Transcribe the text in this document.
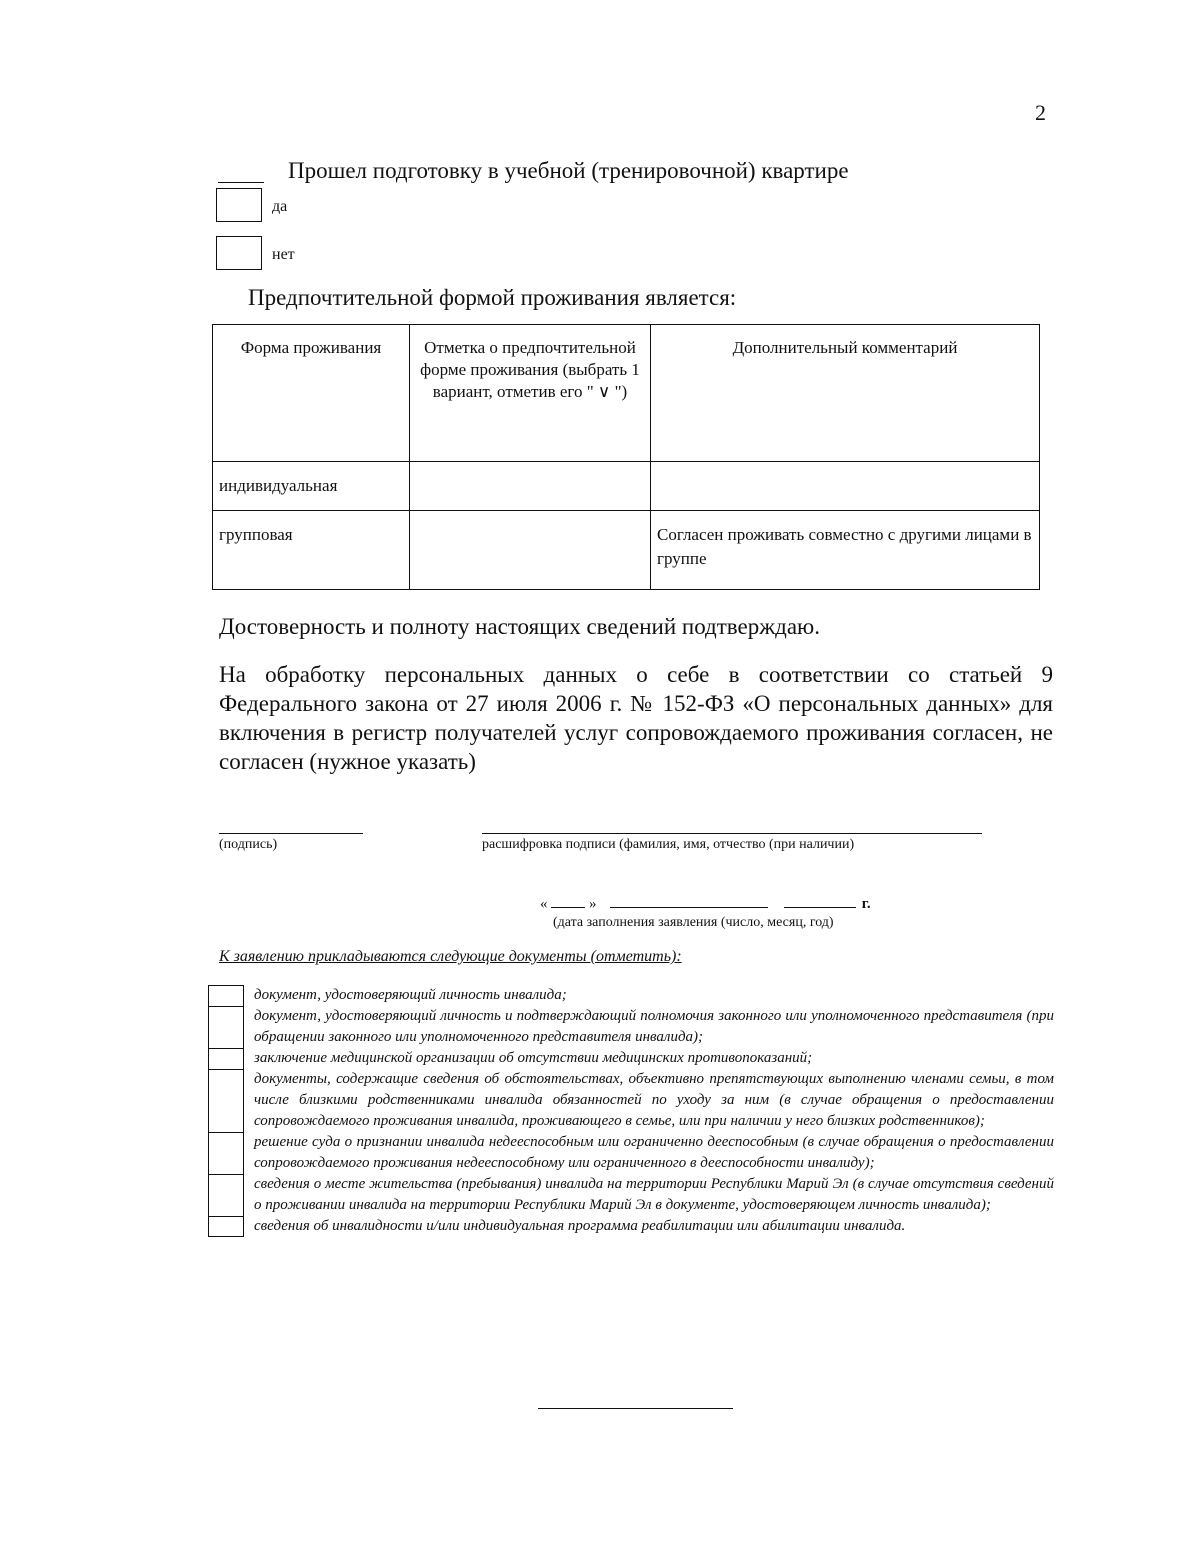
2
Прошел подготовку в учебной (тренировочной) квартире
да
нет
Предпочтительной формой проживания является:
Форма проживания	Отметка о предпочтительной форме проживания (выбрать 1 вариант, отметив его " ∨ ")	Дополнительный комментарий

индивидуальная		

групповая		Согласен проживать совместно с другими лицами в группе
Достоверность и полноту настоящих сведений подтверждаю.
На обработку персональных данных о себе в соответствии со статьей 9 Федерального закона от 27 июля 2006 г. № 152-ФЗ «О персональных данных» для включения в регистр получателей услуг сопровождаемого проживания согласен, не согласен (нужное указать)
(подпись)	расшифровка подписи (фамилия, имя, отчество (при наличии)
«	»	г.
(дата заполнения заявления (число, месяц, год)
К заявлению прикладываются следующие документы (отметить):
документ, удостоверяющий личность инвалида;
документ, удостоверяющий личность и подтверждающий полномочия законного или уполномоченного представителя (при обращении законного или уполномоченного представителя инвалида);
заключение медицинской организации об отсутствии медицинских противопоказаний;
документы, содержащие сведения об обстоятельствах, объективно препятствующих выполнению членами семьи, в том числе близкими родственниками инвалида обязанностей по уходу за ним (в случае обращения о предоставлении сопровождаемого проживания инвалида, проживающего в семье, или при наличии у него близких родственников);
решение суда о признании инвалида недееспособным или ограниченно дееспособным (в случае обращения о предоставлении сопровождаемого проживания недееспособному или ограниченного в дееспособности инвалиду);
сведения о месте жительства (пребывания) инвалида на территории Республики Марий Эл (в случае отсутствия сведений о проживании инвалида на территории Республики Марий Эл в документе, удостоверяющем личность инвалида);
сведения об инвалидности и/или индивидуальная программа реабилитации или абилитации инвалида.
